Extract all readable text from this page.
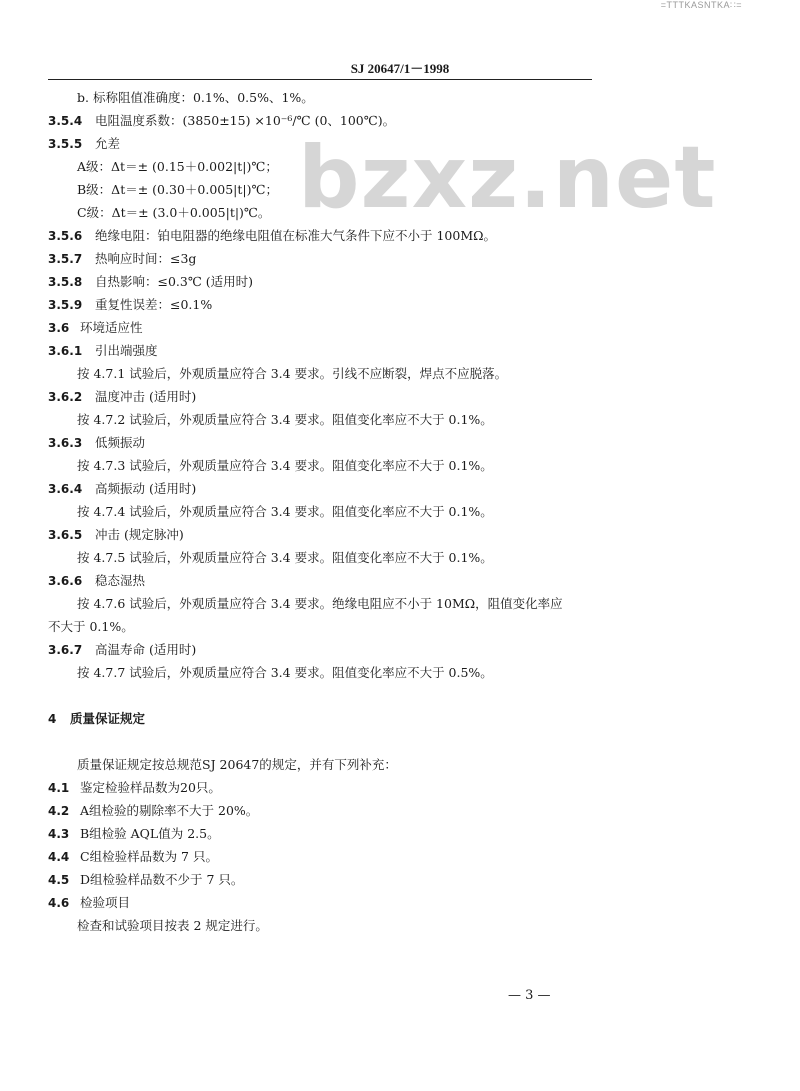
=TTTKASNTKA∷=
bzxz.net
SJ 20647/1－1998
b. 标称阻值准确度：0.1%、0.5%、1%。
3.5.4 电阻温度系数：(3850±15) ×10⁻⁶/℃ (0、100℃)。
3.5.5 允差
A级：Δt＝± (0.15＋0.002|t|)℃；
B级：Δt＝± (0.30＋0.005|t|)℃；
C级：Δt＝± (3.0＋0.005|t|)℃。
3.5.6 绝缘电阻：铂电阻器的绝缘电阻值在标准大气条件下应不小于 100MΩ。
3.5.7 热响应时间：≤3g
3.5.8 自热影响：≤0.3℃ (适用时)
3.5.9 重复性误差：≤0.1%
3.6 环境适应性
3.6.1 引出端强度
按 4.7.1 试验后，外观质量应符合 3.4 要求。引线不应断裂，焊点不应脱落。
3.6.2 温度冲击 (适用时)
按 4.7.2 试验后，外观质量应符合 3.4 要求。阻值变化率应不大于 0.1%。
3.6.3 低频振动
按 4.7.3 试验后，外观质量应符合 3.4 要求。阻值变化率应不大于 0.1%。
3.6.4 高频振动 (适用时)
按 4.7.4 试验后，外观质量应符合 3.4 要求。阻值变化率应不大于 0.1%。
3.6.5 冲击 (规定脉冲)
按 4.7.5 试验后，外观质量应符合 3.4 要求。阻值变化率应不大于 0.1%。
3.6.6 稳态湿热
按 4.7.6 试验后，外观质量应符合 3.4 要求。绝缘电阻应不小于 10MΩ，阻值变化率应
不大于 0.1%。
3.6.7 高温寿命 (适用时)
按 4.7.7 试验后，外观质量应符合 3.4 要求。阻值变化率应不大于 0.5%。
4 质量保证规定
质量保证规定按总规范SJ 20647的规定，并有下列补充：
4.1 鉴定检验样品数为20只。
4.2 A组检验的剔除率不大于 20%。
4.3 B组检验 AQL值为 2.5。
4.4 C组检验样品数为 7 只。
4.5 D组检验样品数不少于 7 只。
4.6 检验项目
检查和试验项目按表 2 规定进行。
— 3 —
